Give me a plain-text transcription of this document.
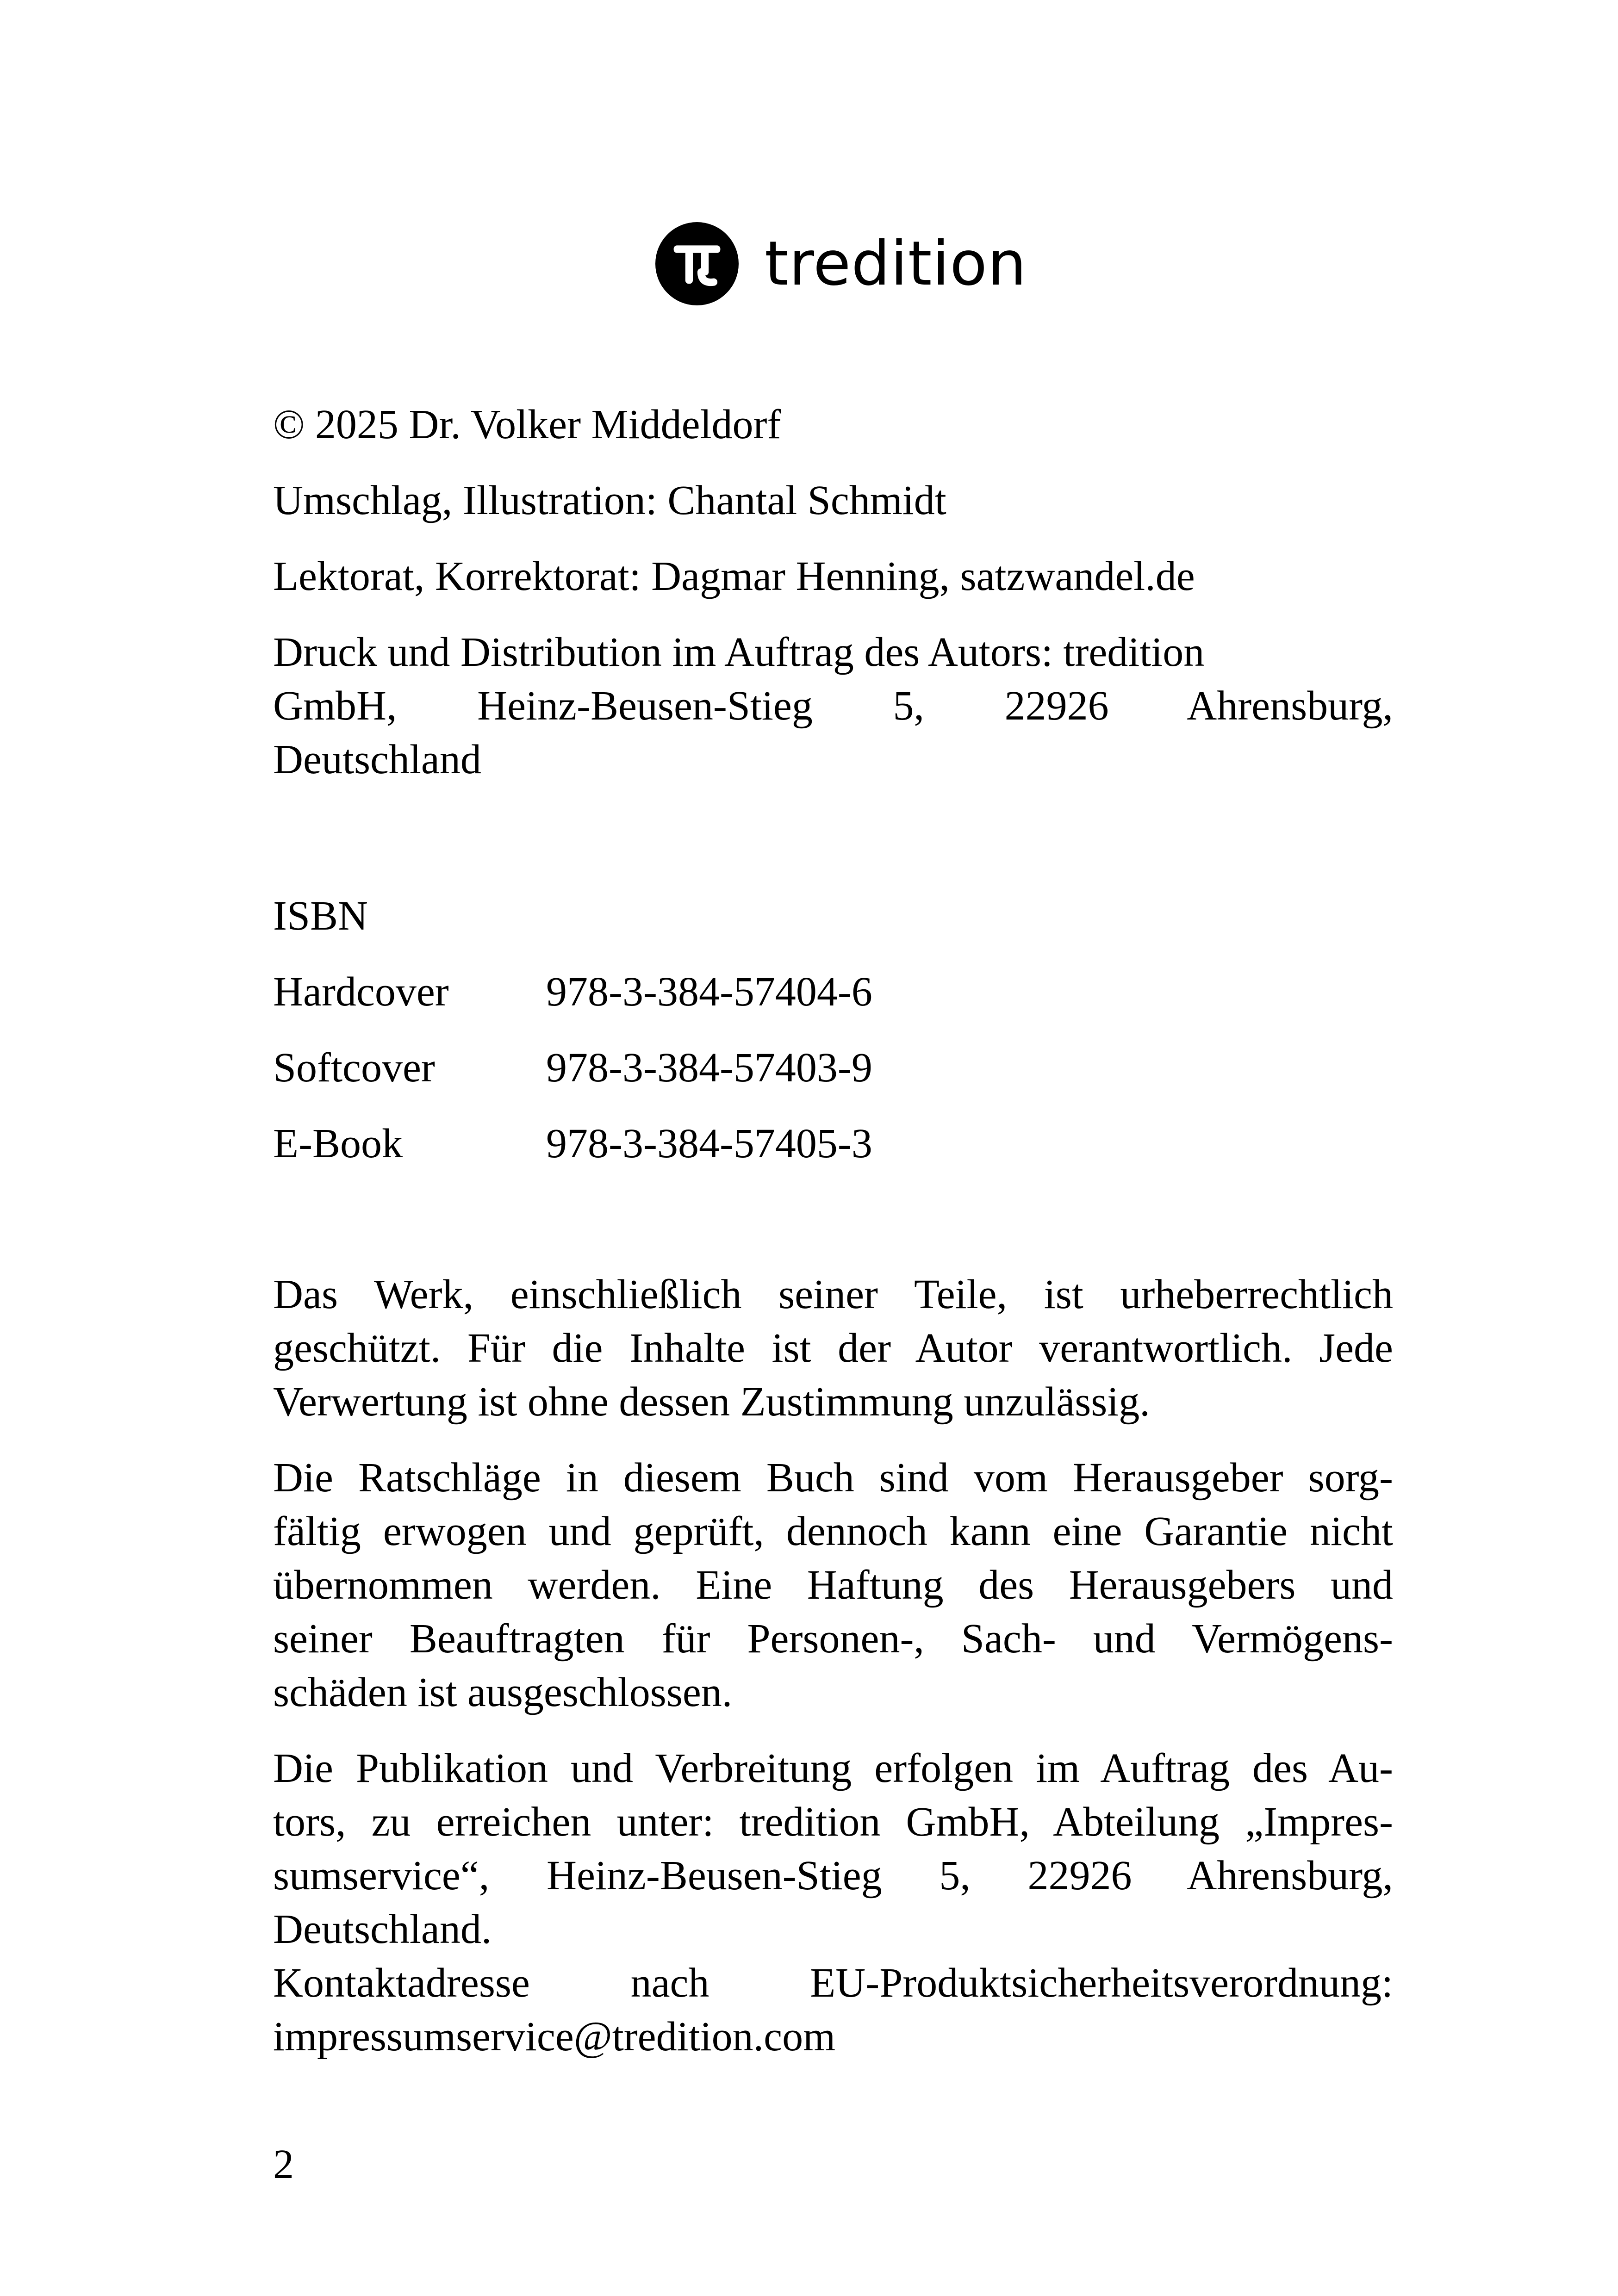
tredition
© 2025 Dr. Volker Middeldorf
Umschlag, Illustration: Chantal Schmidt
Lektorat, Korrektorat: Dagmar Henning, satzwandel.de
Druck und Distribution im Auftrag des Autors: tredition
GmbH, Heinz-Beusen-Stieg 5, 22926 Ahrensburg,
Deutschland
ISBN
Hardcover	978-3-384-57404-6
Softcover	978-3-384-57403-9
E-Book	978-3-384-57405-3
Das Werk, einschließlich seiner Teile, ist urheberrechtlich
geschützt. Für die Inhalte ist der Autor verantwortlich. Jede
Verwertung ist ohne dessen Zustimmung unzulässig.
Die Ratschläge in diesem Buch sind vom Herausgeber sorg-
fältig erwogen und geprüft, dennoch kann eine Garantie nicht
übernommen werden. Eine Haftung des Herausgebers und
seiner Beauftragten für Personen-, Sach- und Vermögens-
schäden ist ausgeschlossen.
Die Publikation und Verbreitung erfolgen im Auftrag des Au-
tors, zu erreichen unter: tredition GmbH, Abteilung „Impres-
sumservice“, Heinz-Beusen-Stieg 5, 22926 Ahrensburg,
Deutschland.
Kontaktadresse nach EU-Produktsicherheitsverordnung:
impressumservice@tredition.com
2
